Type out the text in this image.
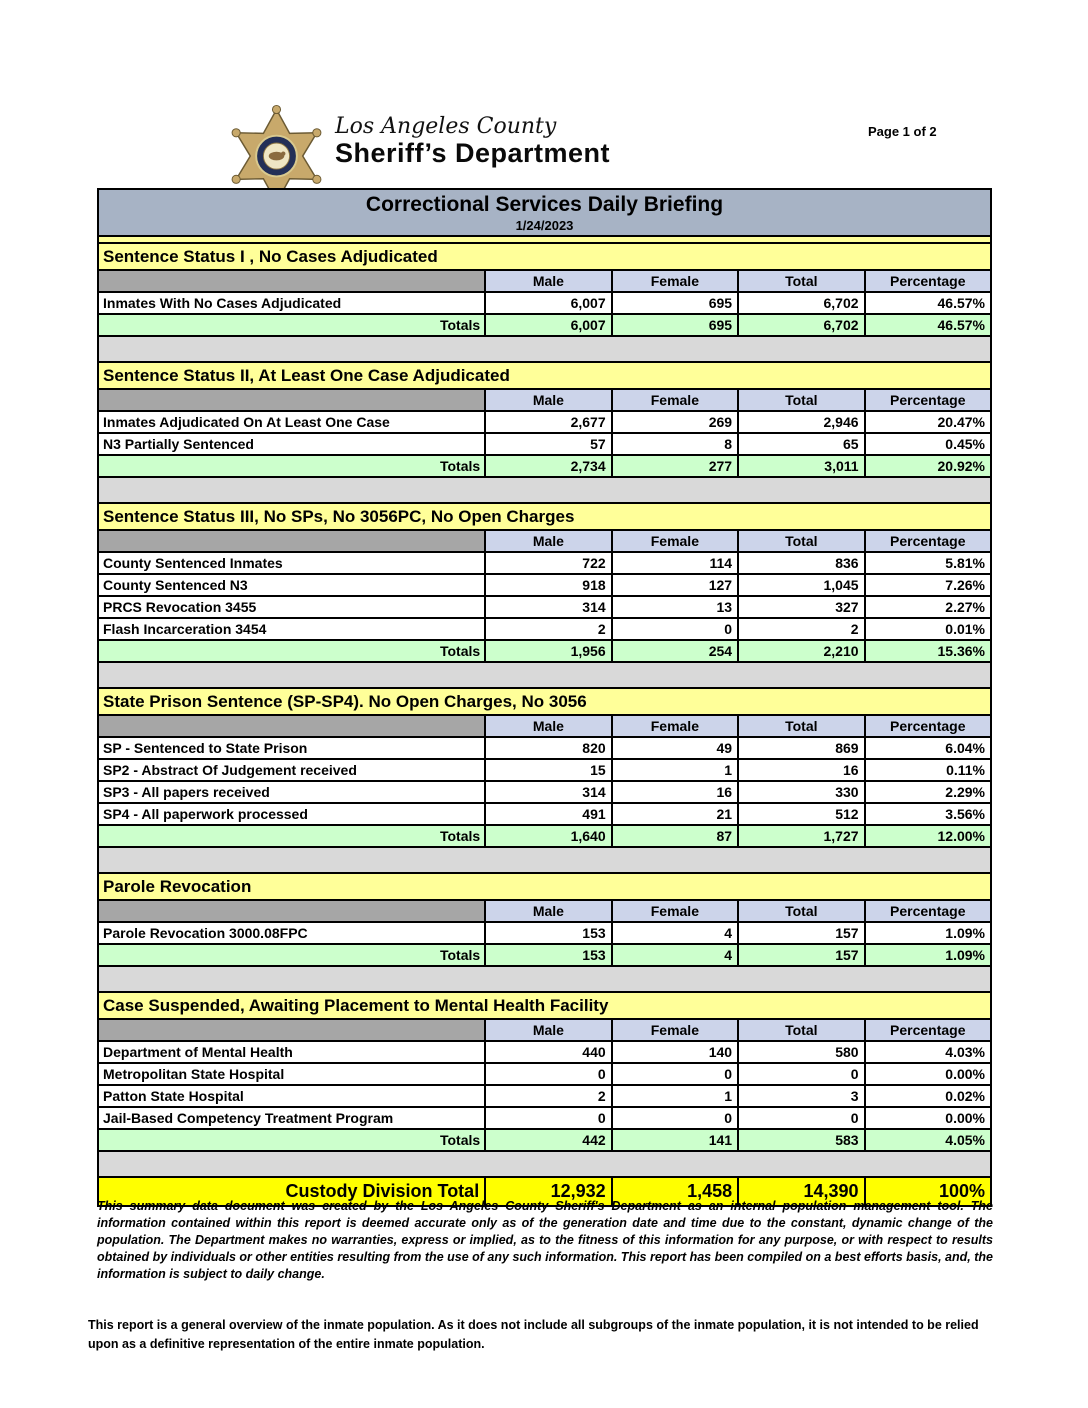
Los Angeles County
Sheriff’s Department
Page 1 of 2
Correctional Services Daily Briefing
1/24/2023
Sentence Status I , No Cases Adjudicated
Male	Female	Total	Percentage
Inmates With No Cases Adjudicated	6,007	695	6,702	46.57%
Totals	6,007	695	6,702	46.57%
Sentence Status II, At Least One Case Adjudicated
Male	Female	Total	Percentage
Inmates Adjudicated On At Least One Case	2,677	269	2,946	20.47%
N3 Partially Sentenced	57	8	65	0.45%
Totals	2,734	277	3,011	20.92%
Sentence Status III, No SPs, No 3056PC, No Open Charges
Male	Female	Total	Percentage
County Sentenced Inmates	722	114	836	5.81%
County Sentenced N3	918	127	1,045	7.26%
PRCS Revocation 3455	314	13	327	2.27%
Flash Incarceration 3454	2	0	2	0.01%
Totals	1,956	254	2,210	15.36%
State Prison Sentence (SP-SP4). No Open Charges, No 3056
Male	Female	Total	Percentage
SP - Sentenced to State Prison	820	49	869	6.04%
SP2 - Abstract Of Judgement received	15	1	16	0.11%
SP3 - All papers received	314	16	330	2.29%
SP4 - All paperwork processed	491	21	512	3.56%
Totals	1,640	87	1,727	12.00%
Parole Revocation
Male	Female	Total	Percentage
Parole Revocation 3000.08FPC	153	4	157	1.09%
Totals	153	4	157	1.09%
Case Suspended, Awaiting Placement to Mental Health Facility
Male	Female	Total	Percentage
Department of Mental Health	440	140	580	4.03%
Metropolitan State Hospital	0	0	0	0.00%
Patton State Hospital	2	1	3	0.02%
Jail-Based Competency Treatment Program	0	0	0	0.00%
Totals	442	141	583	4.05%
Custody Division Total	12,932	1,458	14,390	100%

This summary data document was created by the Los Angeles County Sheriff's Department as an internal population management tool. The information contained within this report is deemed accurate only as of the generation date and time due to the constant, dynamic change of the population. The Department makes no warranties, express or implied, as to the fitness of this information for any purpose, or with respect to results obtained by individuals or other entities resulting from the use of any such information. This report has been compiled on a best efforts basis, and, the information is subject to daily change.

This report is a general overview of the inmate population. As it does not include all subgroups of the inmate population, it is not intended to be relied upon as a definitive representation of the entire inmate population.
